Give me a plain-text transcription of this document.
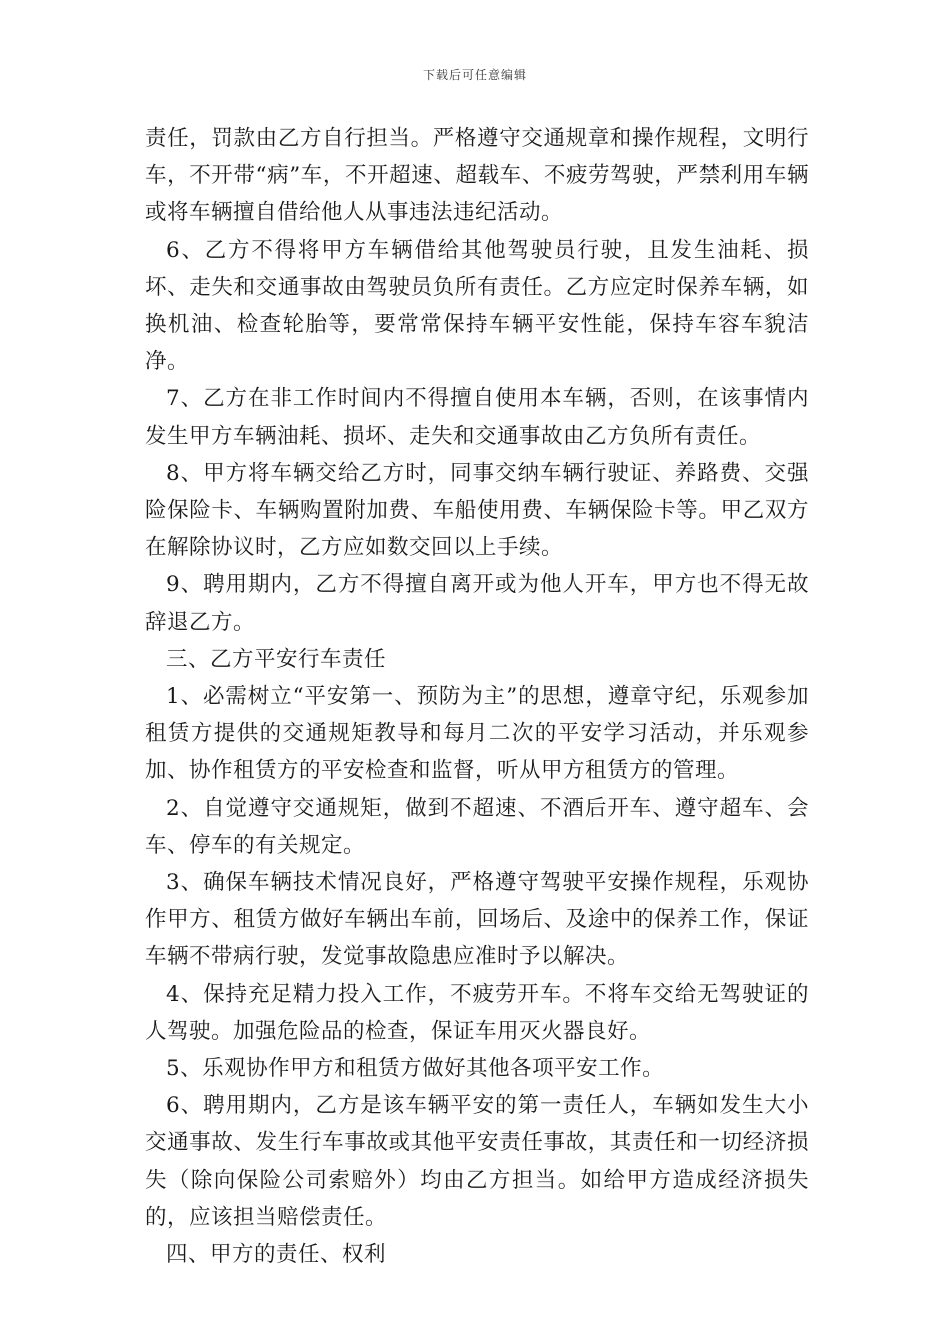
下载后可任意编辑

责任，罚款由乙方自行担当。严格遵守交通规章和操作规程，文明行车，不开带“病”车，不开超速、超载车、不疲劳驾驶，严禁利用车辆或将车辆擅自借给他人从事违法违纪活动。

6、乙方不得将甲方车辆借给其他驾驶员行驶，且发生油耗、损坏、走失和交通事故由驾驶员负所有责任。乙方应定时保养车辆，如换机油、检查轮胎等，要常常保持车辆平安性能，保持车容车貌洁净。

7、乙方在非工作时间内不得擅自使用本车辆，否则，在该事情内发生甲方车辆油耗、损坏、走失和交通事故由乙方负所有责任。

8、甲方将车辆交给乙方时，同事交纳车辆行驶证、养路费、交强险保险卡、车辆购置附加费、车船使用费、车辆保险卡等。甲乙双方在解除协议时，乙方应如数交回以上手续。

9、聘用期内，乙方不得擅自离开或为他人开车，甲方也不得无故辞退乙方。

三、乙方平安行车责任

1、必需树立“平安第一、预防为主”的思想，遵章守纪，乐观参加租赁方提供的交通规矩教导和每月二次的平安学习活动，并乐观参加、协作租赁方的平安检查和监督，听从甲方租赁方的管理。

2、自觉遵守交通规矩，做到不超速、不酒后开车、遵守超车、会车、停车的有关规定。

3、确保车辆技术情况良好，严格遵守驾驶平安操作规程，乐观协作甲方、租赁方做好车辆出车前，回场后、及途中的保养工作，保证车辆不带病行驶，发觉事故隐患应准时予以解决。

4、保持充足精力投入工作，不疲劳开车。不将车交给无驾驶证的人驾驶。加强危险品的检查，保证车用灭火器良好。

5、乐观协作甲方和租赁方做好其他各项平安工作。

6、聘用期内，乙方是该车辆平安的第一责任人，车辆如发生大小交通事故、发生行车事故或其他平安责任事故，其责任和一切经济损失（除向保险公司索赔外）均由乙方担当。如给甲方造成经济损失的，应该担当赔偿责任。

四、甲方的责任、权利
